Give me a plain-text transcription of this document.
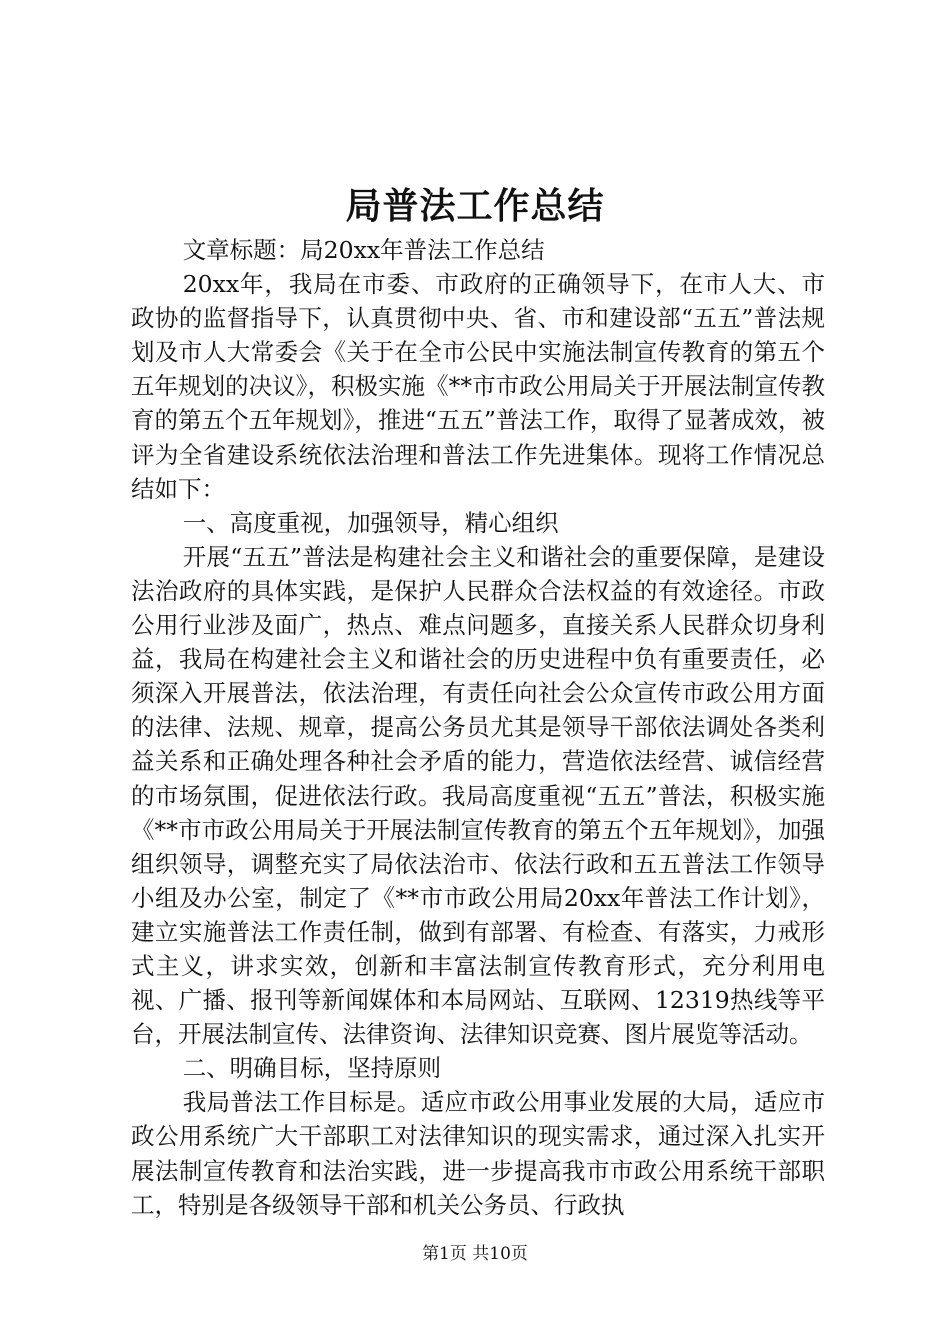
局普法工作总结

文章标题：局20xx年普法工作总结

20xx年，我局在市委、市政府的正确领导下，在市人大、市政协的监督指导下，认真贯彻中央、省、市和建设部“五五”普法规划及市人大常委会《关于在全市公民中实施法制宣传教育的第五个五年规划的决议》，积极实施《**市市政公用局关于开展法制宣传教育的第五个五年规划》，推进“五五”普法工作，取得了显著成效，被评为全省建设系统依法治理和普法工作先进集体。现将工作情况总结如下：

一、高度重视，加强领导，精心组织

开展“五五”普法是构建社会主义和谐社会的重要保障，是建设法治政府的具体实践，是保护人民群众合法权益的有效途径。市政公用行业涉及面广，热点、难点问题多，直接关系人民群众切身利益，我局在构建社会主义和谐社会的历史进程中负有重要责任，必须深入开展普法，依法治理，有责任向社会公众宣传市政公用方面的法律、法规、规章，提高公务员尤其是领导干部依法调处各类利益关系和正确处理各种社会矛盾的能力，营造依法经营、诚信经营的市场氛围，促进依法行政。我局高度重视“五五”普法，积极实施《**市市政公用局关于开展法制宣传教育的第五个五年规划》，加强组织领导，调整充实了局依法治市、依法行政和五五普法工作领导小组及办公室，制定了《**市市政公用局20xx年普法工作计划》，建立实施普法工作责任制，做到有部署、有检查、有落实，力戒形式主义，讲求实效，创新和丰富法制宣传教育形式，充分利用电视、广播、报刊等新闻媒体和本局网站、互联网、12319热线等平台，开展法制宣传、法律资询、法律知识竞赛、图片展览等活动。

二、明确目标，坚持原则

我局普法工作目标是。适应市政公用事业发展的大局，适应市政公用系统广大干部职工对法律知识的现实需求，通过深入扎实开展法制宣传教育和法治实践，进一步提高我市市政公用系统干部职工，特别是各级领导干部和机关公务员、行政执

第1页 共10页
